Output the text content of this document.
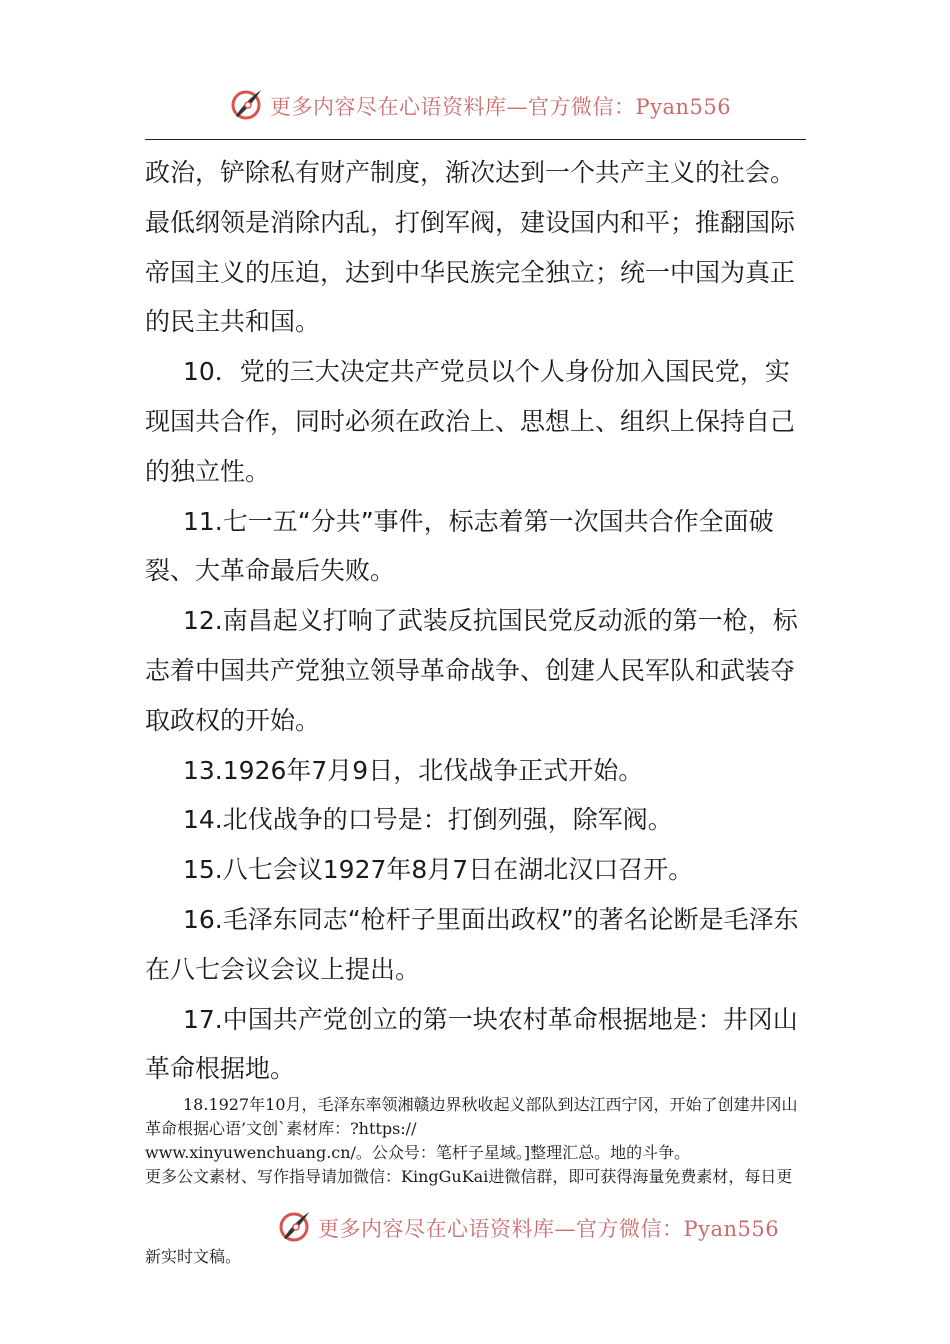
更多内容尽在心语资料库—官方微信：Pyan556

政治，铲除私有财产制度，渐次达到一个共产主义的社会。最低纲领是消除内乱，打倒军阀，建设国内和平；推翻国际帝国主义的压迫，达到中华民族完全独立；统一中国为真正的民主共和国。

10．党的三大决定共产党员以个人身份加入国民党，实现国共合作，同时必须在政治上、思想上、组织上保持自己的独立性。

11.七一五“分共”事件，标志着第一次国共合作全面破裂、大革命最后失败。

12.南昌起义打响了武装反抗国民党反动派的第一枪，标志着中国共产党独立领导革命战争、创建人民军队和武装夺取政权的开始。

13.1926年7月9日，北伐战争正式开始。

14.北伐战争的口号是：打倒列强，除军阀。

15.八七会议1927年8月7日在湖北汉口召开。

16.毛泽东同志“枪杆子里面出政权”的著名论断是毛泽东在八七会议会议上提出。

17.中国共产党创立的第一块农村革命根据地是：井冈山革命根据地。

18.1927年10月，毛泽东率领湘赣边界秋收起义部队到达江西宁冈，开始了创建井冈山革命根据心语’文创`素材库：?https://

www.xinyuwenchuang.cn/。公众号：笔杆子星域。]整理汇总。地的斗争。

更多公文素材、写作指导请加微信：KingGuKai进微信群，即可获得海量免费素材，每日更

更多内容尽在心语资料库—官方微信：Pyan556
新实时文稿。
